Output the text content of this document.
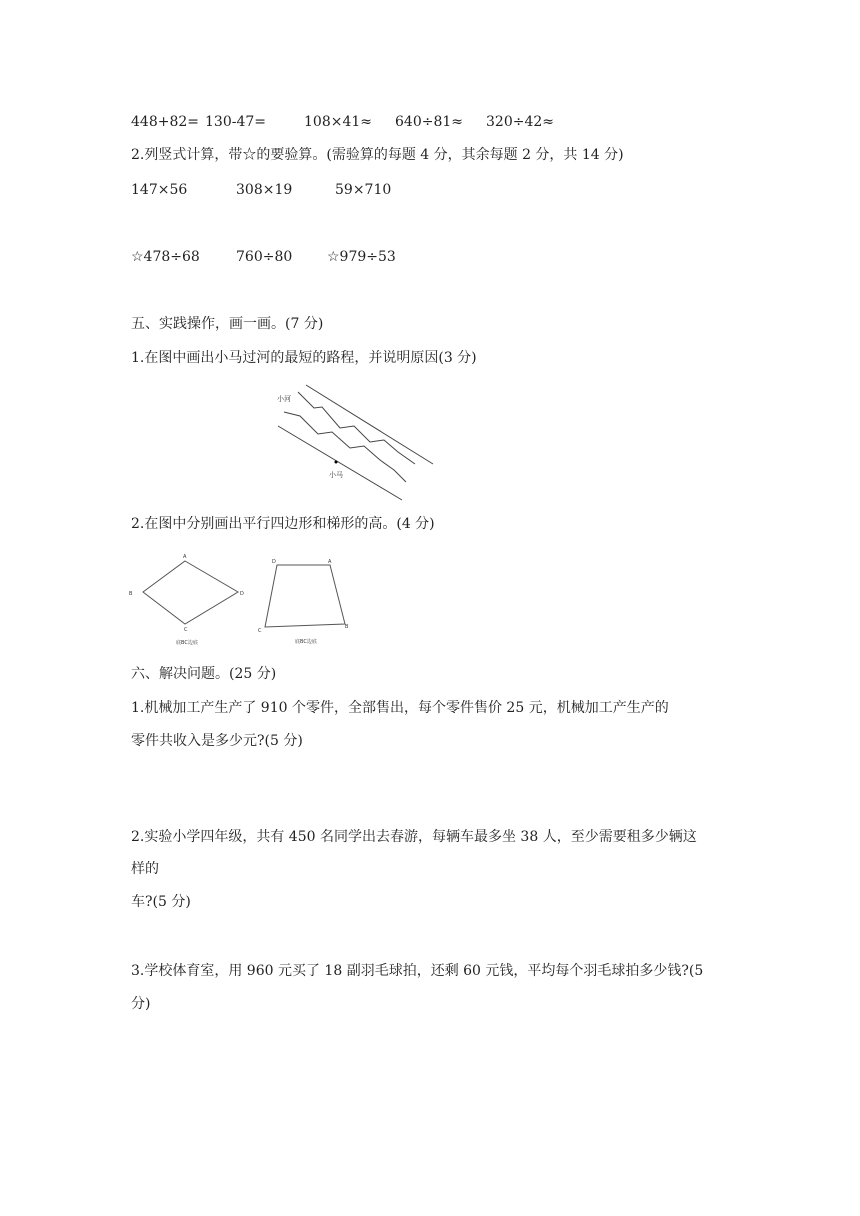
448+82= 130-47=	108×41≈ 640÷81≈ 320÷42≈
2.列竖式计算，带☆的要验算。(需验算的每题 4 分，其余每题 2 分，共 14 分)
147×56	308×19	59×710
☆478÷68	760÷80 ☆979÷53
五、实践操作，画一画。(7 分)
1.在图中画出小马过河的最短的路程，并说明原因(3 分)
小河
小马
2.在图中分别画出平行四边形和梯形的高。(4 分)
A
B	D
C
底BC边底
D	A
C
B
底BC边底
六、解决问题。(25 分)
1.机械加工产生产了 910 个零件，全部售出，每个零件售价 25 元，机械加工产生产的
零件共收入是多少元?(5 分)
2.实验小学四年级，共有 450 名同学出去春游，每辆车最多坐 38 人，至少需要租多少辆这
样的
车?(5 分)
3.学校体育室，用 960 元买了 18 副羽毛球拍，还剩 60 元钱，平均每个羽毛球拍多少钱?(5
分)
